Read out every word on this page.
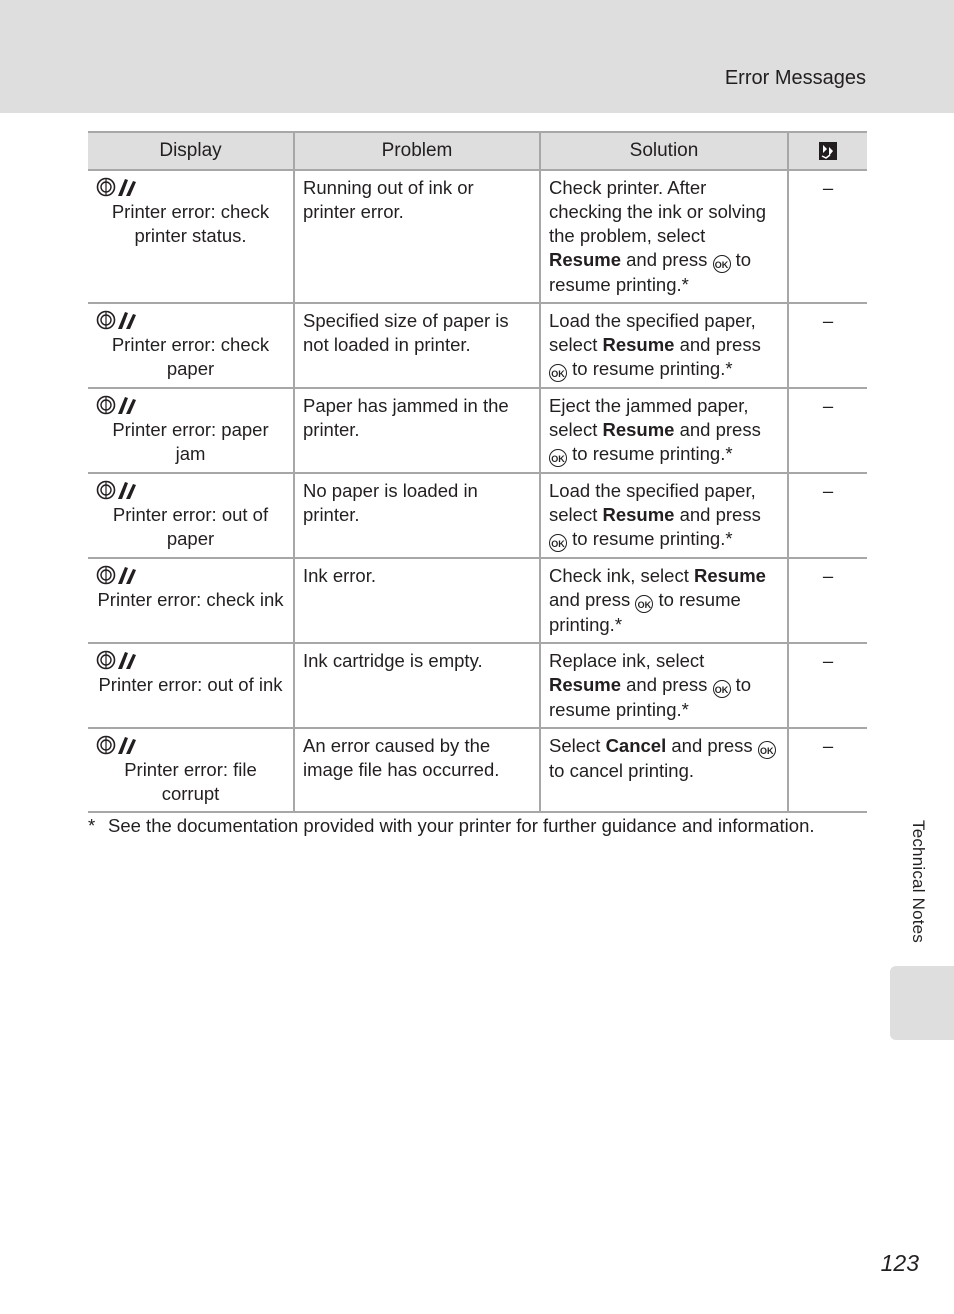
Error Messages
Display	Problem	Solution	

Printer error: check printer status.	Running out of ink or printer error.	Check printer. After checking the ink or solving the problem, select Resume and press OK to resume printing.*	–

Printer error: check paper	Specified size of paper is not loaded in printer.	Load the specified paper, select Resume and press OK to resume printing.*	–

Printer error: paper jam	Paper has jammed in the printer.	Eject the jammed paper, select Resume and press OK to resume printing.*	–

Printer error: out of paper	No paper is loaded in printer.	Load the specified paper, select Resume and press OK to resume printing.*	–

Printer error: check ink	Ink error.	Check ink, select Resume and press OK to resume printing.*	–

Printer error: out of ink	Ink cartridge is empty.	Replace ink, select Resume and press OK to resume printing.*	–

Printer error: file corrupt	An error caused by the image file has occurred.	Select Cancel and press OK to cancel printing.	–
* See the documentation provided with your printer for further guidance and information.	Technical Notes
123
